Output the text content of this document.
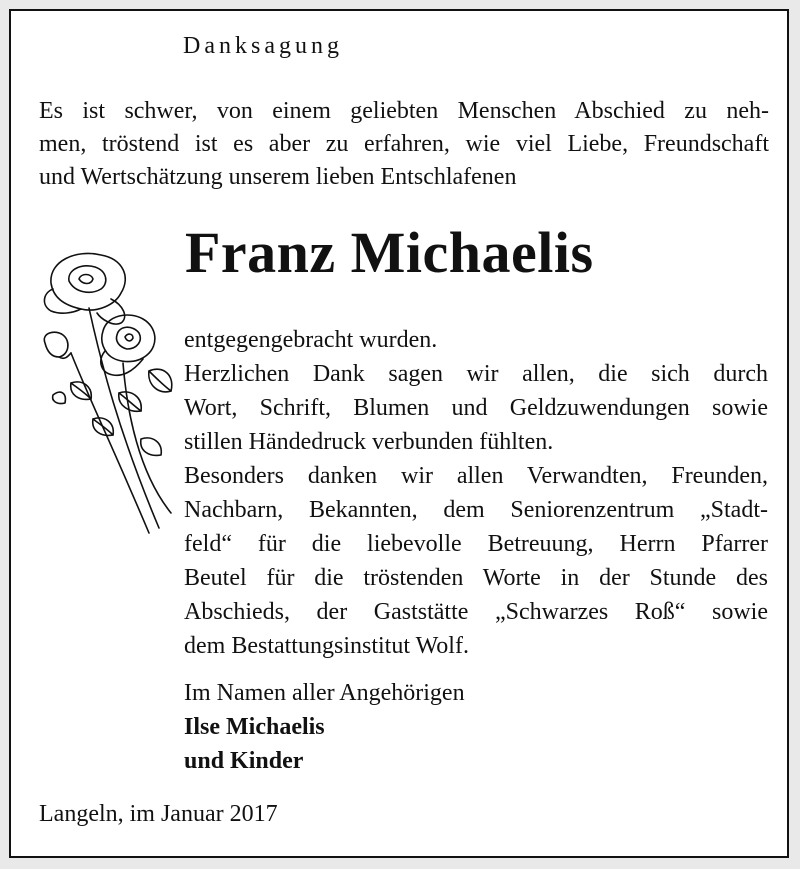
Danksagung
Es ist schwer, von einem geliebten Menschen Abschied zu neh-
men, tröstend ist es aber zu erfahren, wie viel Liebe, Freundschaft
und Wertschätzung unserem lieben Entschlafenen
Franz Michaelis
entgegengebracht wurden.
Herzlichen Dank sagen wir allen, die sich durch
Wort, Schrift, Blumen und Geldzuwendungen sowie
stillen Händedruck verbunden fühlten.
Besonders danken wir allen Verwandten, Freunden,
Nachbarn, Bekannten, dem Seniorenzentrum „Stadt-
feld“ für die liebevolle Betreuung, Herrn Pfarrer
Beutel für die tröstenden Worte in der Stunde des
Abschieds, der Gaststätte „Schwarzes Roß“ sowie
dem Bestattungsinstitut Wolf.
Im Namen aller Angehörigen
Ilse Michaelis
und Kinder
Langeln, im Januar 2017
